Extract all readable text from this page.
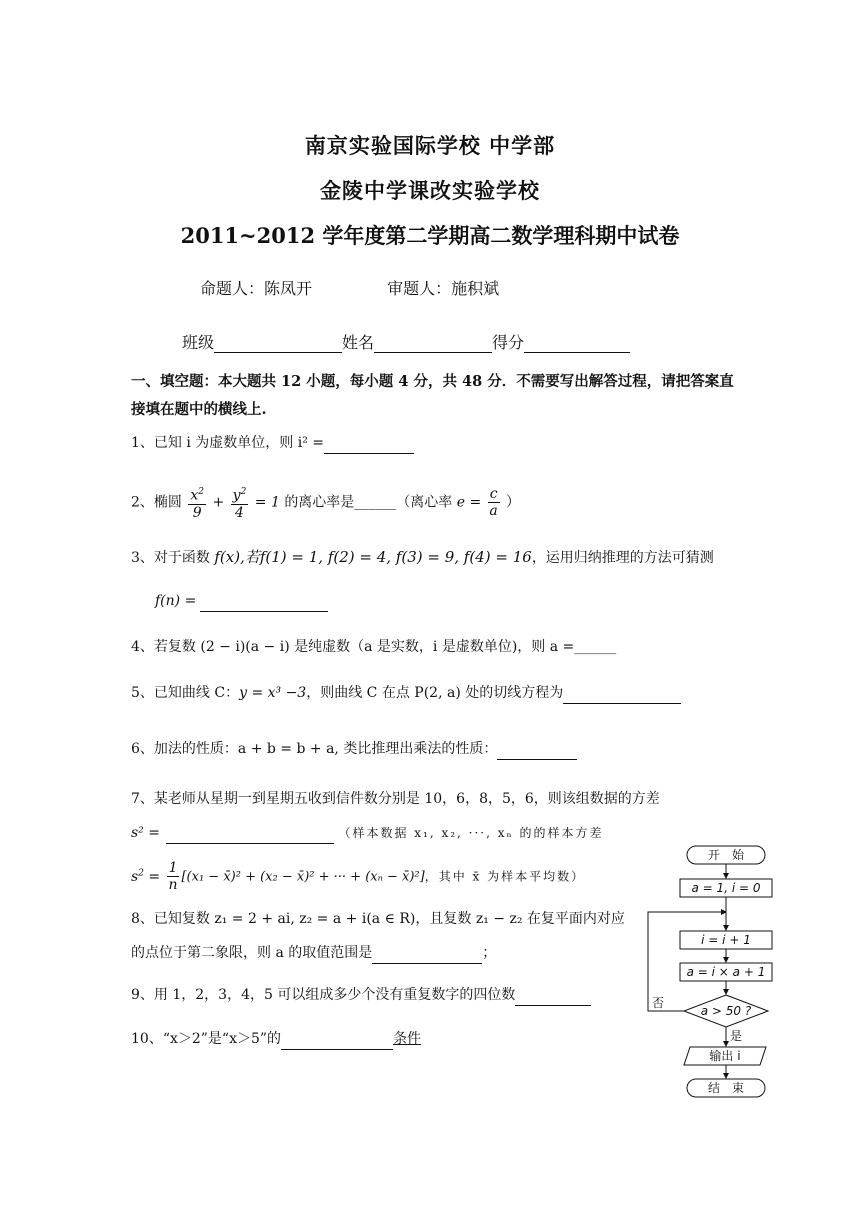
南京实验国际学校 中学部
金陵中学课改实验学校
2011~2012 学年度第二学期高二数学理科期中试卷
命题人：陈凤开	审题人：施积斌
班级	姓名	得分
一、填空题：本大题共 12 小题，每小题 4 分，共 48 分．不需要写出解答过程，请把答案直接填在题中的横线上.
1、已知 i 为虚数单位，则 i² =
2、椭圆 $\frac{x^2}{9} + \frac{y^2}{4} = 1$ 的离心率是______（离心率 $e = \frac{c}{a}$ ）
3、对于函数 f(x),若f(1) = 1, f(2) = 4, f(3) = 9, f(4) = 16，运用归纳推理的方法可猜测
f(n) =
4、若复数 (2 − i)(a − i) 是纯虚数（a 是实数，i 是虚数单位)，则 a =______
5、已知曲线 C：y = x³ −3，则曲线 C 在点 P(2, a) 处的切线方程为
6、加法的性质：a + b = b + a, 类比推理出乘法的性质：
7、某老师从星期一到星期五收到信件数分别是 10，6，8，5，6，则该组数据的方差
s² =	（样本数据 x₁, x₂, ···, xₙ 的的样本方差
$s^2 = \frac{1}{n} [(x_1$ − x̄)² + (x₂ − x̄)² + ··· + (xₙ − x̄)²]，其中 x̄ 为样本平均数）
8、已知复数 z₁ = 2 + ai, z₂ = a + i(a ∈ R)，且复数 z₁ − z₂ 在复平面内对应
的点位于第二象限，则 a 的取值范围是	；
9、用 1，2，3，4，5 可以组成多少个没有重复数字的四位数
10、“x＞2”是“x＞5”的	条件
开　始
a = 1, i = 0
i = i + 1
a = i × a + 1
a > 50 ?
否
是
输出 i
结　束
